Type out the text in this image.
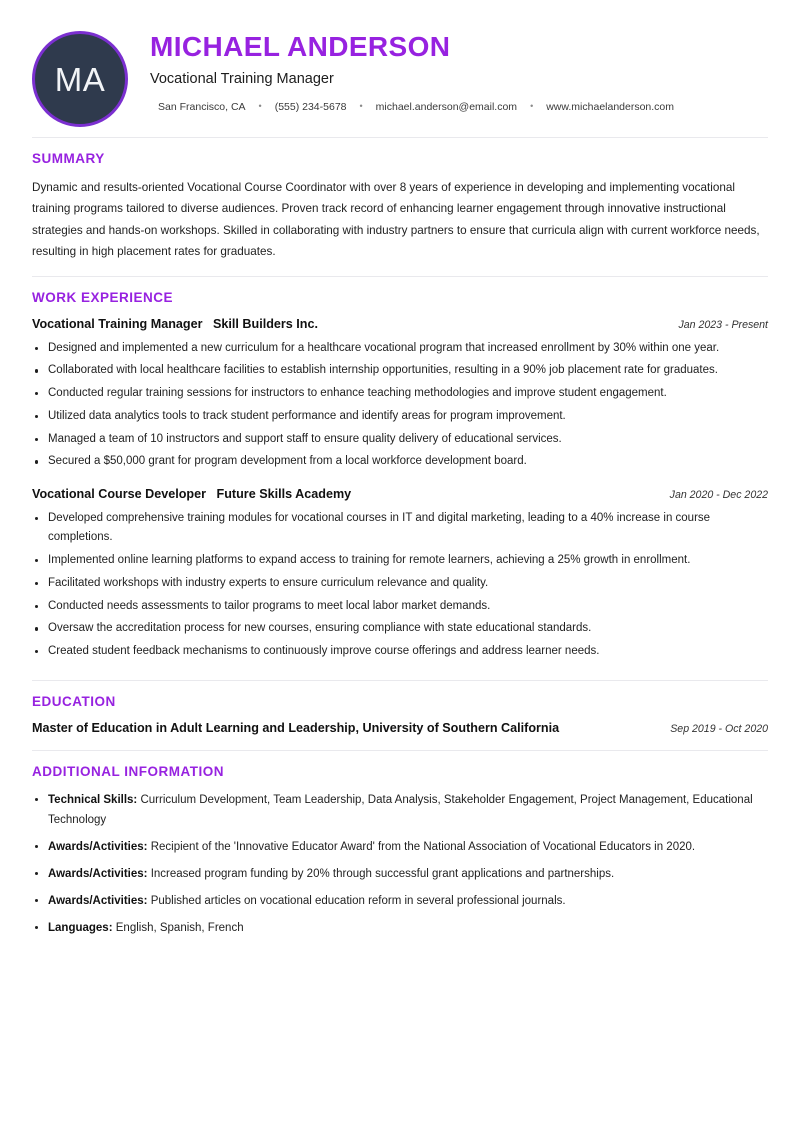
MA
MICHAEL ANDERSON
Vocational Training Manager
San Francisco, CA • (555) 234-5678 • michael.anderson@email.com • www.michaelanderson.com
SUMMARY

Dynamic and results-oriented Vocational Course Coordinator with over 8 years of experience in developing and implementing vocational training programs tailored to diverse audiences. Proven track record of enhancing learner engagement through innovative instructional strategies and hands-on workshops. Skilled in collaborating with industry partners to ensure that curricula align with current workforce needs, resulting in high placement rates for graduates.

WORK EXPERIENCE
Vocational Training Manager Skill Builders Inc.	Jan 2023 - Present
Designed and implemented a new curriculum for a healthcare vocational program that increased enrollment by 30% within one year.
Collaborated with local healthcare facilities to establish internship opportunities, resulting in a 90% job placement rate for graduates.
Conducted regular training sessions for instructors to enhance teaching methodologies and improve student engagement.
Utilized data analytics tools to track student performance and identify areas for program improvement.
Managed a team of 10 instructors and support staff to ensure quality delivery of educational services.
Secured a $50,000 grant for program development from a local workforce development board.
Vocational Course Developer Future Skills Academy	Jan 2020 - Dec 2022
Developed comprehensive training modules for vocational courses in IT and digital marketing, leading to a 40% increase in course completions.
Implemented online learning platforms to expand access to training for remote learners, achieving a 25% growth in enrollment.
Facilitated workshops with industry experts to ensure curriculum relevance and quality.
Conducted needs assessments to tailor programs to meet local labor market demands.
Oversaw the accreditation process for new courses, ensuring compliance with state educational standards.
Created student feedback mechanisms to continuously improve course offerings and address learner needs.
EDUCATION
Master of Education in Adult Learning and Leadership, University of Southern California	Sep 2019 - Oct 2020
ADDITIONAL INFORMATION
Technical Skills: Curriculum Development, Team Leadership, Data Analysis, Stakeholder Engagement, Project Management, Educational Technology
Awards/Activities: Recipient of the 'Innovative Educator Award' from the National Association of Vocational Educators in 2020.
Awards/Activities: Increased program funding by 20% through successful grant applications and partnerships.
Awards/Activities: Published articles on vocational education reform in several professional journals.
Languages: English, Spanish, French
